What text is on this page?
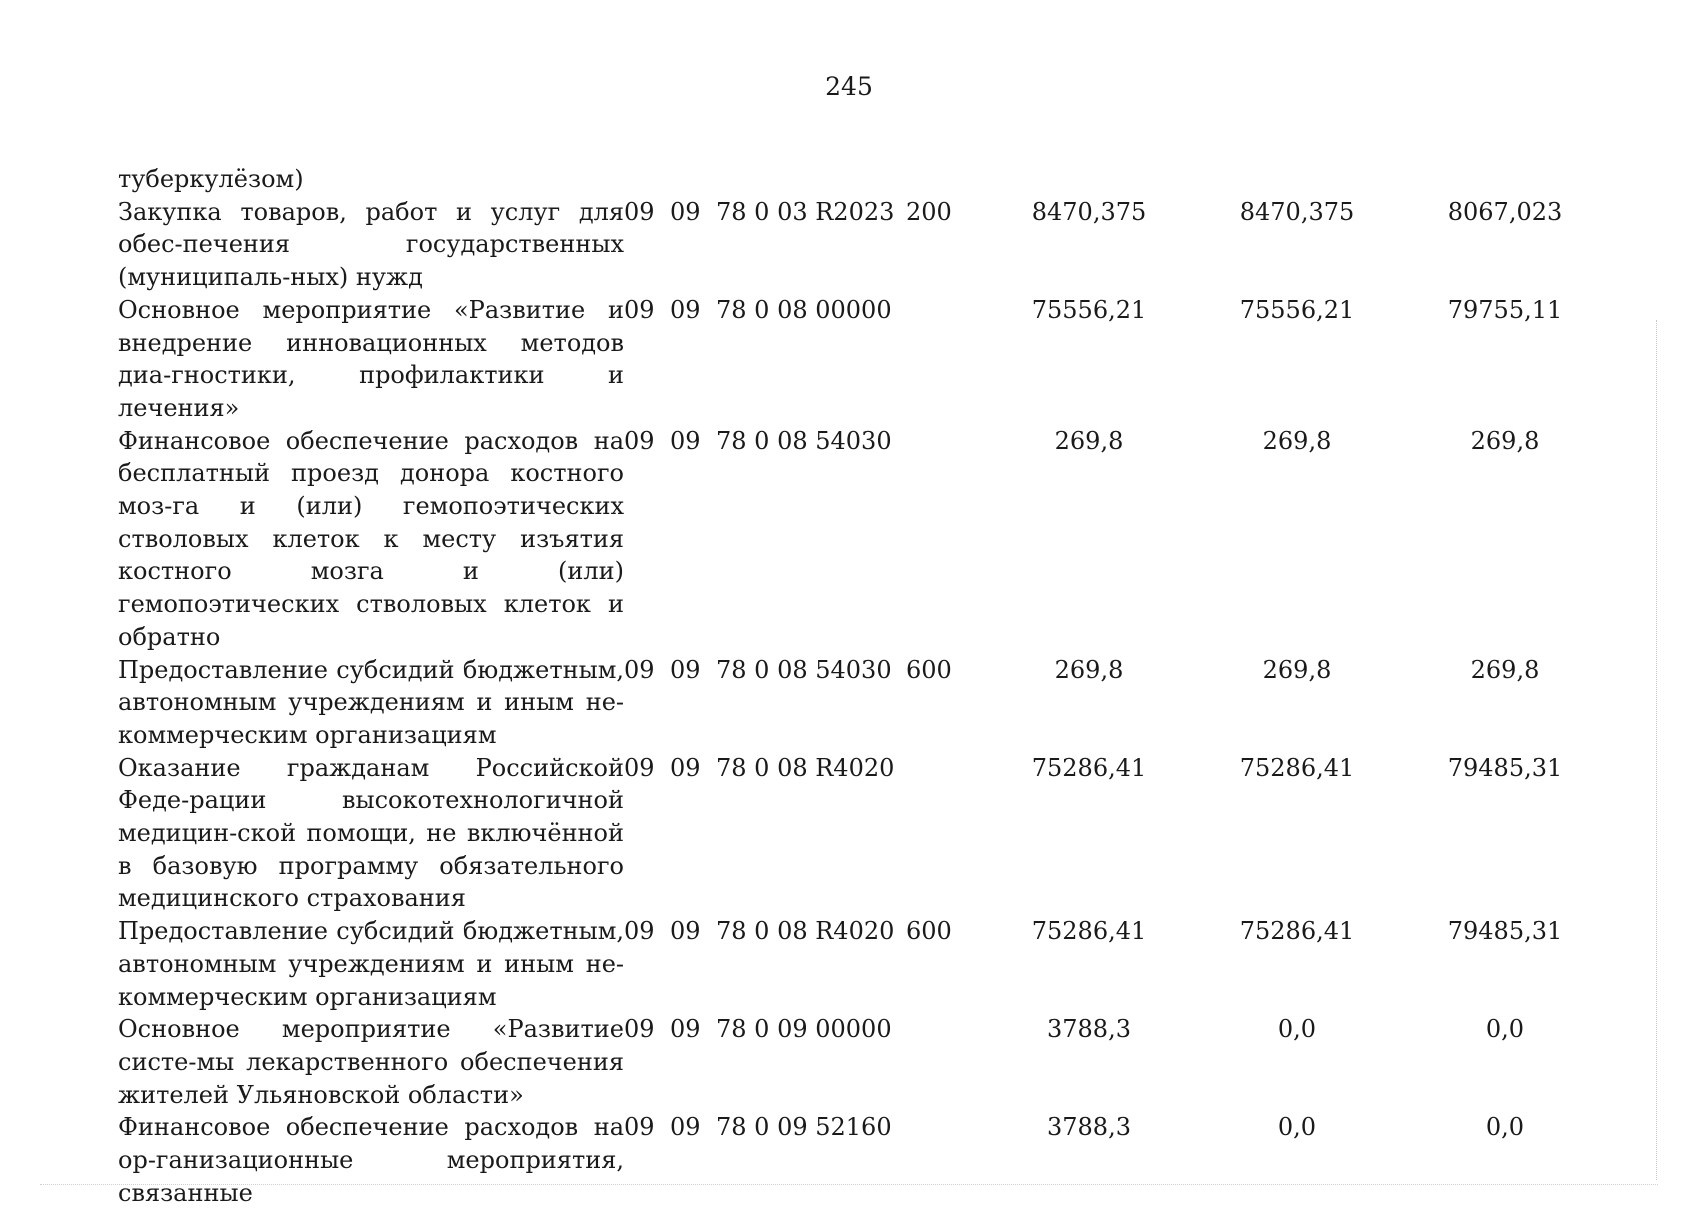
245
туберкулёзом)							
Закупка товаров, работ и услуг для обес-печения государственных (муниципаль-ных) нужд	09	09	78 0 03 R2023	200	8470,375	8470,375	8067,023
Основное мероприятие «Развитие и внедрение инновационных методов диа-гностики, профилактики и лечения»	09	09	78 0 08 00000		75556,21	75556,21	79755,11
Финансовое обеспечение расходов на бесплатный проезд донора костного моз-га и (или) гемопоэтических стволовых клеток к месту изъятия костного мозга и (или) гемопоэтических стволовых клеток и обратно	09	09	78 0 08 54030		269,8	269,8	269,8
Предоставление субсидий бюджетным, автономным учреждениям и иным не-коммерческим организациям	09	09	78 0 08 54030	600	269,8	269,8	269,8
Оказание гражданам Российской Феде-рации высокотехнологичной медицин-ской помощи, не включённой в базовую программу обязательного медицинского страхования	09	09	78 0 08 R4020		75286,41	75286,41	79485,31
Предоставление субсидий бюджетным, автономным учреждениям и иным не-коммерческим организациям	09	09	78 0 08 R4020	600	75286,41	75286,41	79485,31
Основное мероприятие «Развитие систе-мы лекарственного обеспечения жителей Ульяновской области»	09	09	78 0 09 00000		3788,3	0,0	0,0
Финансовое обеспечение расходов на ор-ганизационные мероприятия, связанные	09	09	78 0 09 52160		3788,3	0,0	0,0
